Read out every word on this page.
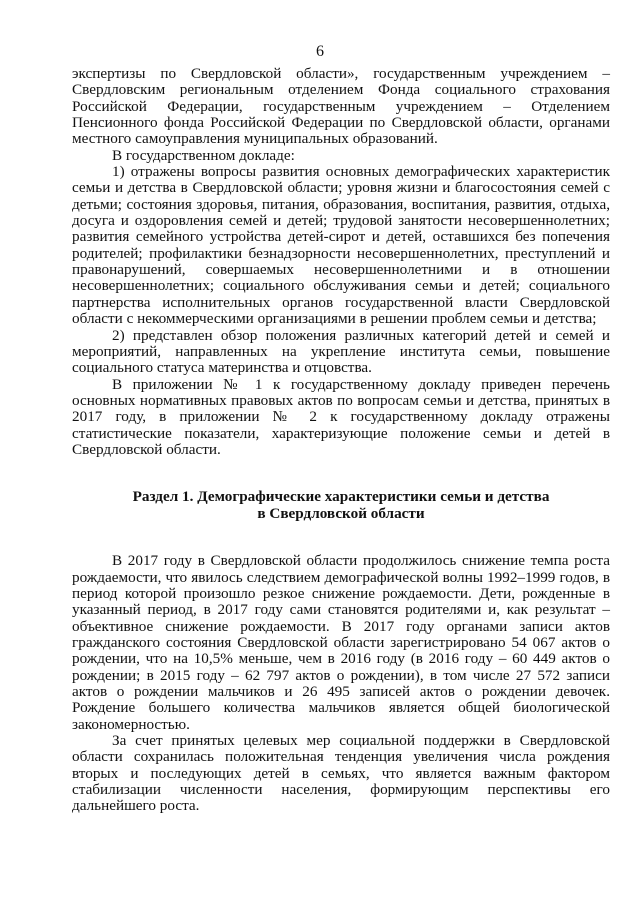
6

экспертизы по Свердловской области», государственным учреждением – Свердловским региональным отделением Фонда социального страхования Российской Федерации, государственным учреждением – Отделением Пенсионного фонда Российской Федерации по Свердловской области, органами местного самоуправления муниципальных образований.

В государственном докладе:

1) отражены вопросы развития основных демографических характеристик семьи и детства в Свердловской области; уровня жизни и благосостояния семей с детьми; состояния здоровья, питания, образования, воспитания, развития, отдыха, досуга и оздоровления семей и детей; трудовой занятости несовершеннолетних; развития семейного устройства детей-сирот и детей, оставшихся без попечения родителей; профилактики безнадзорности несовершеннолетних, преступлений и правонарушений, совершаемых несовершеннолетними и в отношении несовершеннолетних; социального обслуживания семьи и детей; социального партнерства исполнительных органов государственной власти Свердловской области с некоммерческими организациями в решении проблем семьи и детства;

2) представлен обзор положения различных категорий детей и семей и мероприятий, направленных на укрепление института семьи, повышение социального статуса материнства и отцовства.

В приложении № 1 к государственному докладу приведен перечень основных нормативных правовых актов по вопросам семьи и детства, принятых в 2017 году, в приложении № 2 к государственному докладу отражены статистические показатели, характеризующие положение семьи и детей в Свердловской области.

Раздел 1. Демографические характеристики семьи и детства
в Свердловской области

В 2017 году в Свердловской области продолжилось снижение темпа роста рождаемости, что явилось следствием демографической волны 1992–1999 годов, в период которой произошло резкое снижение рождаемости. Дети, рожденные в указанный период, в 2017 году сами становятся родителями и, как результат – объективное снижение рождаемости. В 2017 году органами записи актов гражданского состояния Свердловской области зарегистрировано 54 067 актов о рождении, что на 10,5% меньше, чем в 2016 году (в 2016 году – 60 449 актов о рождении; в 2015 году – 62 797 актов о рождении), в том числе 27 572 записи актов о рождении мальчиков и 26 495 записей актов о рождении девочек. Рождение большего количества мальчиков является общей биологической закономерностью.

За счет принятых целевых мер социальной поддержки в Свердловской области сохранилась положительная тенденция увеличения числа рождения вторых и последующих детей в семьях, что является важным фактором стабилизации численности населения, формирующим перспективы его дальнейшего роста.
